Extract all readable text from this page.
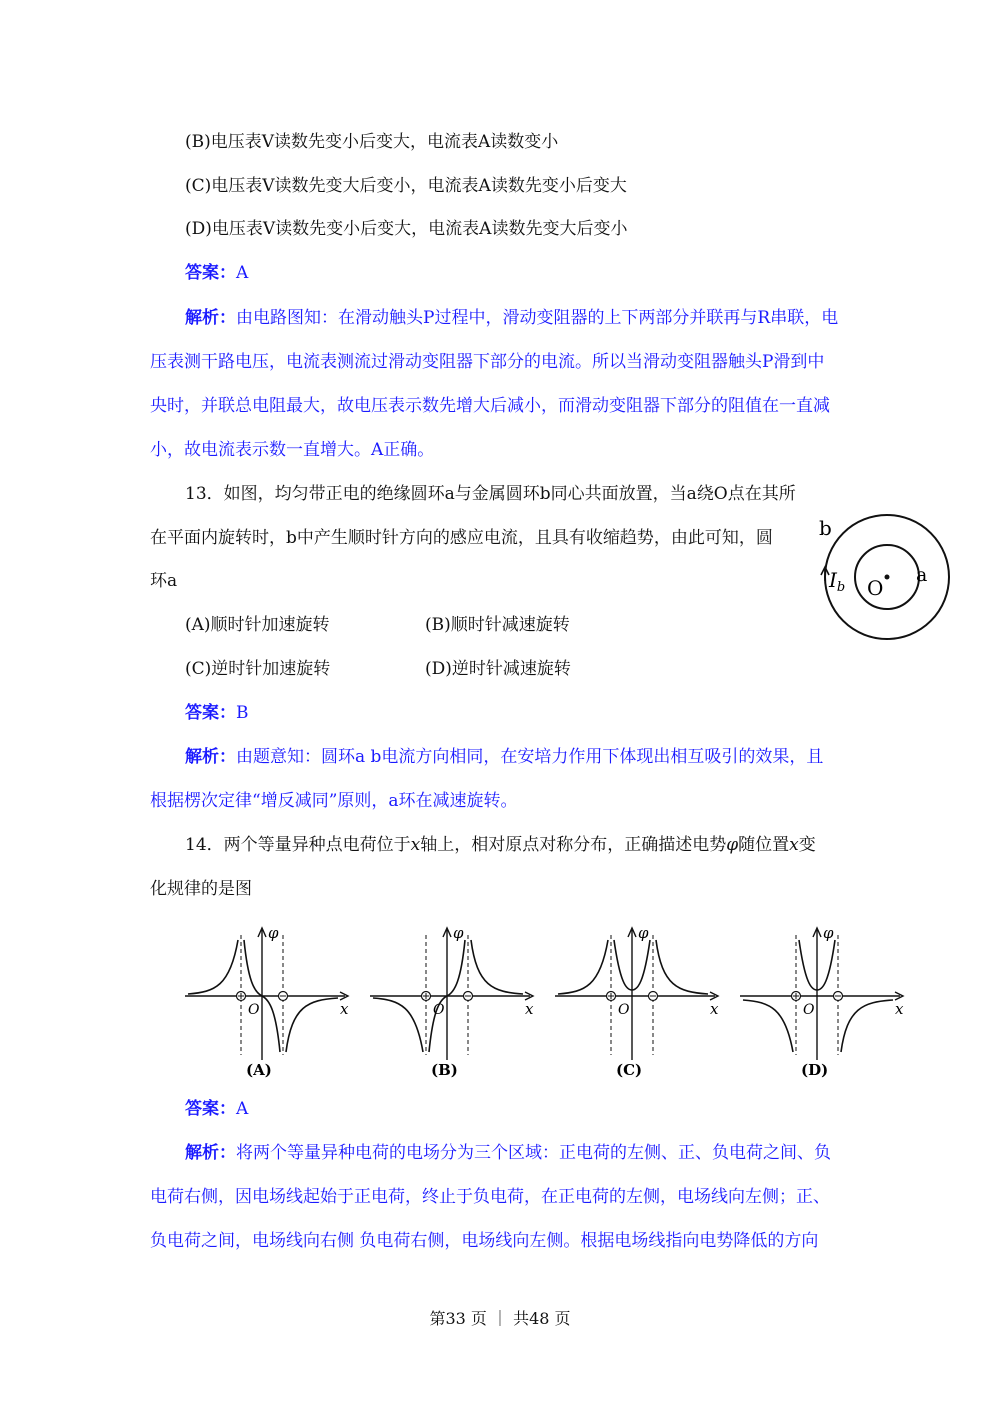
(B)电压表V读数先变小后变大，电流表A读数变小
(C)电压表V读数先变大后变小，电流表A读数先变小后变大
(D)电压表V读数先变小后变大，电流表A读数先变大后变小
答案：A
解析：由电路图知：在滑动触头P过程中，滑动变阻器的上下两部分并联再与R串联，电
压表测干路电压，电流表测流过滑动变阻器下部分的电流。所以当滑动变阻器触头P滑到中
央时，并联总电阻最大，故电压表示数先增大后减小，而滑动变阻器下部分的阻值在一直减
小，故电流表示数一直增大。A正确。
13．如图，均匀带正电的绝缘圆环a与金属圆环b同心共面放置，当a绕O点在其所
在平面内旋转时，b中产生顺时针方向的感应电流，且具有收缩趋势，由此可知，圆
环a
b
a
O
$I_b$
(A)顺时针加速旋转	(B)顺时针减速旋转
(C)逆时针加速旋转	(D)逆时针减速旋转
答案：B
解析：由题意知：圆环a b电流方向相同，在安培力作用下体现出相互吸引的效果，且
根据楞次定律“增反减同”原则，a环在减速旋转。
14．两个等量异种点电荷位于x轴上，相对原点对称分布，正确描述电势φ随位置x变
化规律的是图
φ
x
O
(A)
φ
x
O
(B)
φ
x
O
(C)
φ
x
O
(D)
答案：A
解析：将两个等量异种电荷的电场分为三个区域：正电荷的左侧、正、负电荷之间、负
电荷右侧，因电场线起始于正电荷，终止于负电荷，在正电荷的左侧，电场线向左侧；正、
负电荷之间，电场线向右侧 负电荷右侧，电场线向左侧。根据电场线指向电势降低的方向
第33 页 ｜ 共48 页
